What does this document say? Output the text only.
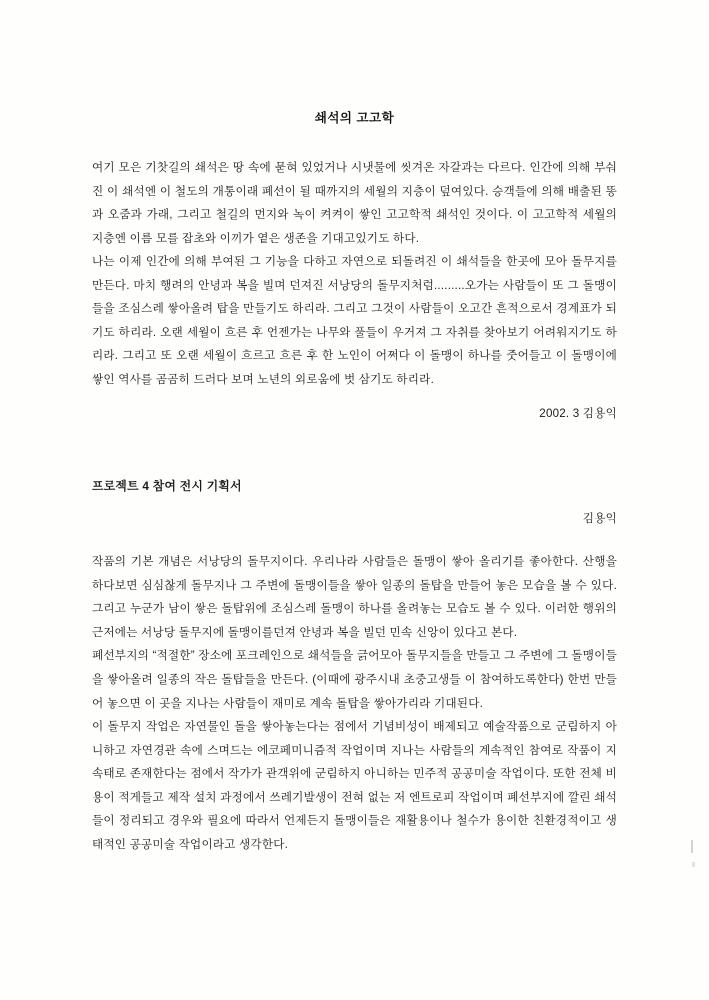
쇄석의 고고학

여기 모은 기찻길의 쇄석은 땅 속에 묻혀 있었거나 시냇물에 씻겨온 자갈과는 다르다. 인간에 의해 부숴진 이 쇄석엔 이 철도의 개통이래 폐선이 될 때까지의 세월의 지층이 덮여있다. 승객들에 의해 배출된 똥과 오줌과 가래, 그리고 철길의 먼지와 녹이 켜켜이 쌓인 고고학적 쇄석인 것이다. 이 고고학적 세월의 지층엔 이름 모를 잡초와 이끼가 옅은 생존을 기대고있기도 하다.

나는 이제 인간에 의해 부여된 그 기능을 다하고 자연으로 되돌려진 이 쇄석들을 한곳에 모아 돌무지를 만든다. 마치 행려의 안녕과 복을 빌며 던져진 서낭당의 돌무지처럼.........오가는 사람들이 또 그 돌맹이들을 조심스레 쌓아올려 탑을 만들기도 하리라. 그리고 그것이 사람들이 오고간 흔적으로서 경계표가 되기도 하리라. 오랜 세월이 흐른 후 언젠가는 나무와 풀들이 우거져 그 자취를 찾아보기 어려워지기도 하리라. 그리고 또 오랜 세월이 흐르고 흐른 후 한 노인이 어쩌다 이 돌맹이 하나를 줏어들고 이 돌맹이에 쌓인 역사를 곰곰히 드러다 보며 노년의 외로움에 벗 삼기도 하리라.

2002. 3 김용익
프로젝트 4 참여 전시 기획서
김용익

작품의 기본 개념은 서낭당의 돌무지이다. 우리나라 사람들은 돌맹이 쌓아 올리기를 좋아한다. 산행을 하다보면 심심찮게 돌무지나 그 주변에 돌맹이들을 쌓아 일종의 돌탑을 만들어 놓은 모습을 볼 수 있다. 그리고 누군가 남이 쌓은 돌탑위에 조심스레 돌맹이 하나를 올려놓는 모습도 볼 수 있다. 이러한 행위의 근저에는 서낭당 돌무지에 돌맹이를던져 안녕과 복을 빌던 민속 신앙이 있다고 본다.

폐선부지의 “적절한” 장소에 포크레인으로 쇄석들을 긁어모아 돌무지들을 만들고 그 주변에 그 돌맹이들을 쌓아올려 일종의 작은 돌탑들을 만든다. (이때에 광주시내 초중고생들 이 참여하도록한다) 한번 만들어 놓으면 이 곳을 지나는 사람들이 재미로 계속 돌탑을 쌓아가리라 기대된다.

이 돌무지 작업은 자연물인 돌을 쌓아놓는다는 점에서 기념비성이 배제되고 예술작품으로 군림하지 아니하고 자연경관 속에 스며드는 에코페미니즘적 작업이며 지나는 사람들의 계속적인 참여로 작품이 지속태로 존재한다는 점에서 작가가 관객위에 군림하지 아니하는 민주적 공공미술 작업이다. 또한 전체 비용이 적게들고 제작 설치 과정에서 쓰레기발생이 전혀 없는 저 엔트로피 작업이며 폐선부지에 깔린 쇄석들이 정리되고 경우와 필요에 따라서 언제든지 돌맹이들은 재활용이나 철수가 용이한 친환경적이고 생태적인 공공미술 작업이라고 생각한다.
